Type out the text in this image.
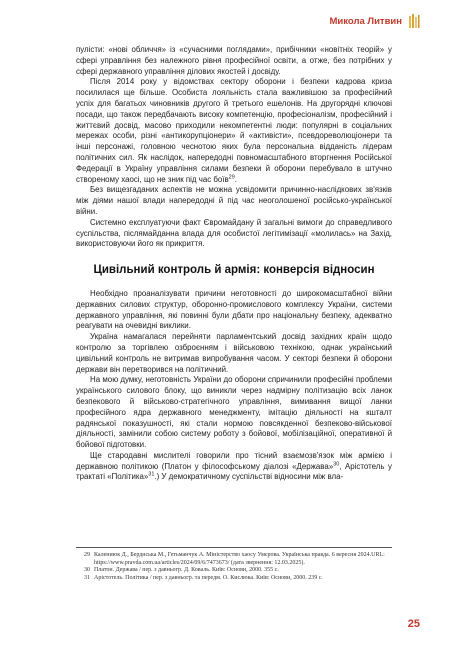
Микола Литвин

пулісти: «нові обличчя» із «сучасними поглядами», прибічники «новітніх теорій» у сфері управління без належного рівня професійної освіти, а отже, без потрібних у сфері державного управління ділових якостей і досвіду.

Після 2014 року у відомствах сектору оборони і безпеки кадрова криза посилилася ще більше. Особиста лояльність стала важливішою за професійний успіх для багатьох чиновників другого й третього ешелонів. На другорядні ключові посади, що також передбачають високу компетенцію, професіоналізм, професійний і життєвий досвід, масово приходили некомпетентні люди: популярні в соціальних мережах особи, різні «антикорупціонери» й «активісти», псевдореволюціонери та інші персонажі, головною чеснотою яких була персональна відданість лідерам політичних сил. Як наслідок, напередодні повномасштабного вторгнення Російської Федерації в Україну управління силами безпеки й оборони перебувало в штучно створеному хаосі, що не зник під час боїв$^{29}$.

Без вищезгаданих аспектів не можна усвідомити причинно-наслідкових зв'язків між діями нашої влади напередодні й під час неоголошеної російсько-української війни.

Системно експлуатуючи факт Євромайдану й загальні вимоги до справедливого суспільства, післямайданна влада для особистої легітимізації «молилась» на Захід, використовуючи його як прикриття.

Цивільний контроль й армія: конверсія відносин

Необхідно проаналізувати причини неготовності до широкомасштабної війни державних силових структур, оборонно-промислового комплексу України, системи державного управління, які повинні були дбати про національну безпеку, адекватно реагувати на очевидні виклики.

Україна намагалася перейняти парламентський досвід західних країн щодо контролю за торгівлею озброєнням і військовою технікою, однак український цивільний контроль не витримав випробування часом. У секторі безпеки й оборони держави він перетворився на політичний.

На мою думку, неготовність України до оборони спричинили професійні проблеми українського силового блоку, що виникли через надмірну політизацію всіх ланок безпекового й військово-стратегічного управління, вимивання вищої ланки професійного ядра державного менеджменту, імітацію діяльності на кшталт радянської показушності, які стали нормою повсякденної безпеково-військової діяльності, замінили собою систему роботу з бойової, мобілізаційної, оперативної й бойової підготовки.

Ще стародавні мислителі говорили про тісний взаємозв'язок між армією і державною політикою (Платон у філософському діалозі «Держава»$^{30}$, Арістотель у трактаті «Політика»$^{31}$.) У демократичному суспільстві відносини між вла-

29 Калениюк Д., Берднська М., Гетьманчук А. Міністерство хаосу Умєрова. Українська правда. 6 вересня 2024.URL: https://www.pravda.com.ua/articles/2024/09/6/7473673/ (дата звернення: 12.03.2025).
30 Платон. Держава / пер. з давньогр. Д. Коваль. Київ: Основи, 2000. 355 с.
31 Арістотель. Політика / пер. з давньогр. та передм. О. Кислюка. Київ: Основи, 2000. 239 с.
25
